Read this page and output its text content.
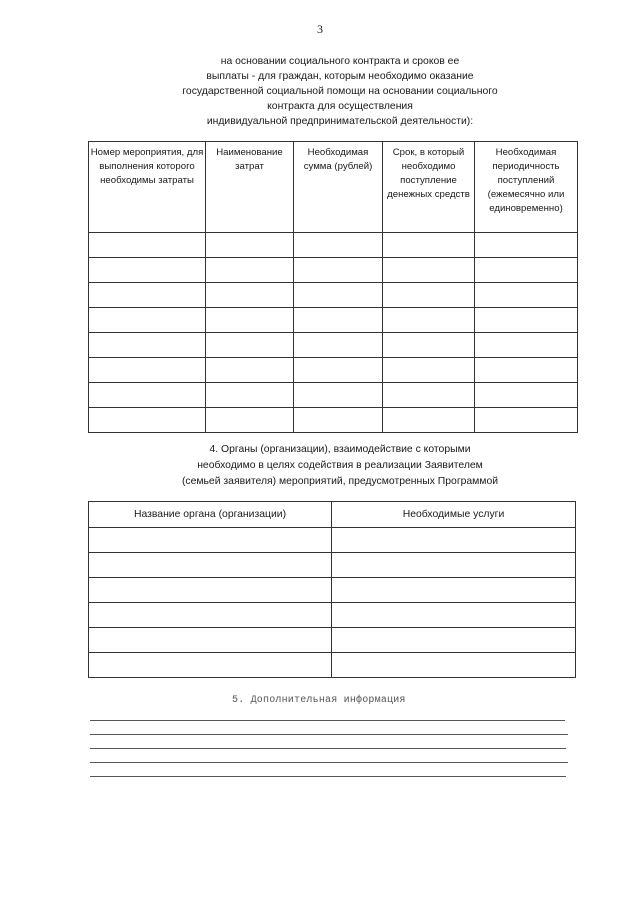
3
на основании социального контракта и сроков ее
выплаты - для граждан, которым необходимо оказание
государственной социальной помощи на основании социального
контракта для осуществления
индивидуальной предпринимательской деятельности):
Номер мероприятия, для выполнения которого необходимы затраты	Наименование затрат	Необходимая сумма (рублей)	Срок, в который необходимо поступление денежных средств	Необходимая периодичность поступлений (ежемесячно или единовременно)

4. Органы (организации), взаимодействие с которыми
необходимо в целях содействия в реализации Заявителем
(семьей заявителя) мероприятий, предусмотренных Программой
Название органа (организации)	Необходимые услуги

5. Дополнительная информация
